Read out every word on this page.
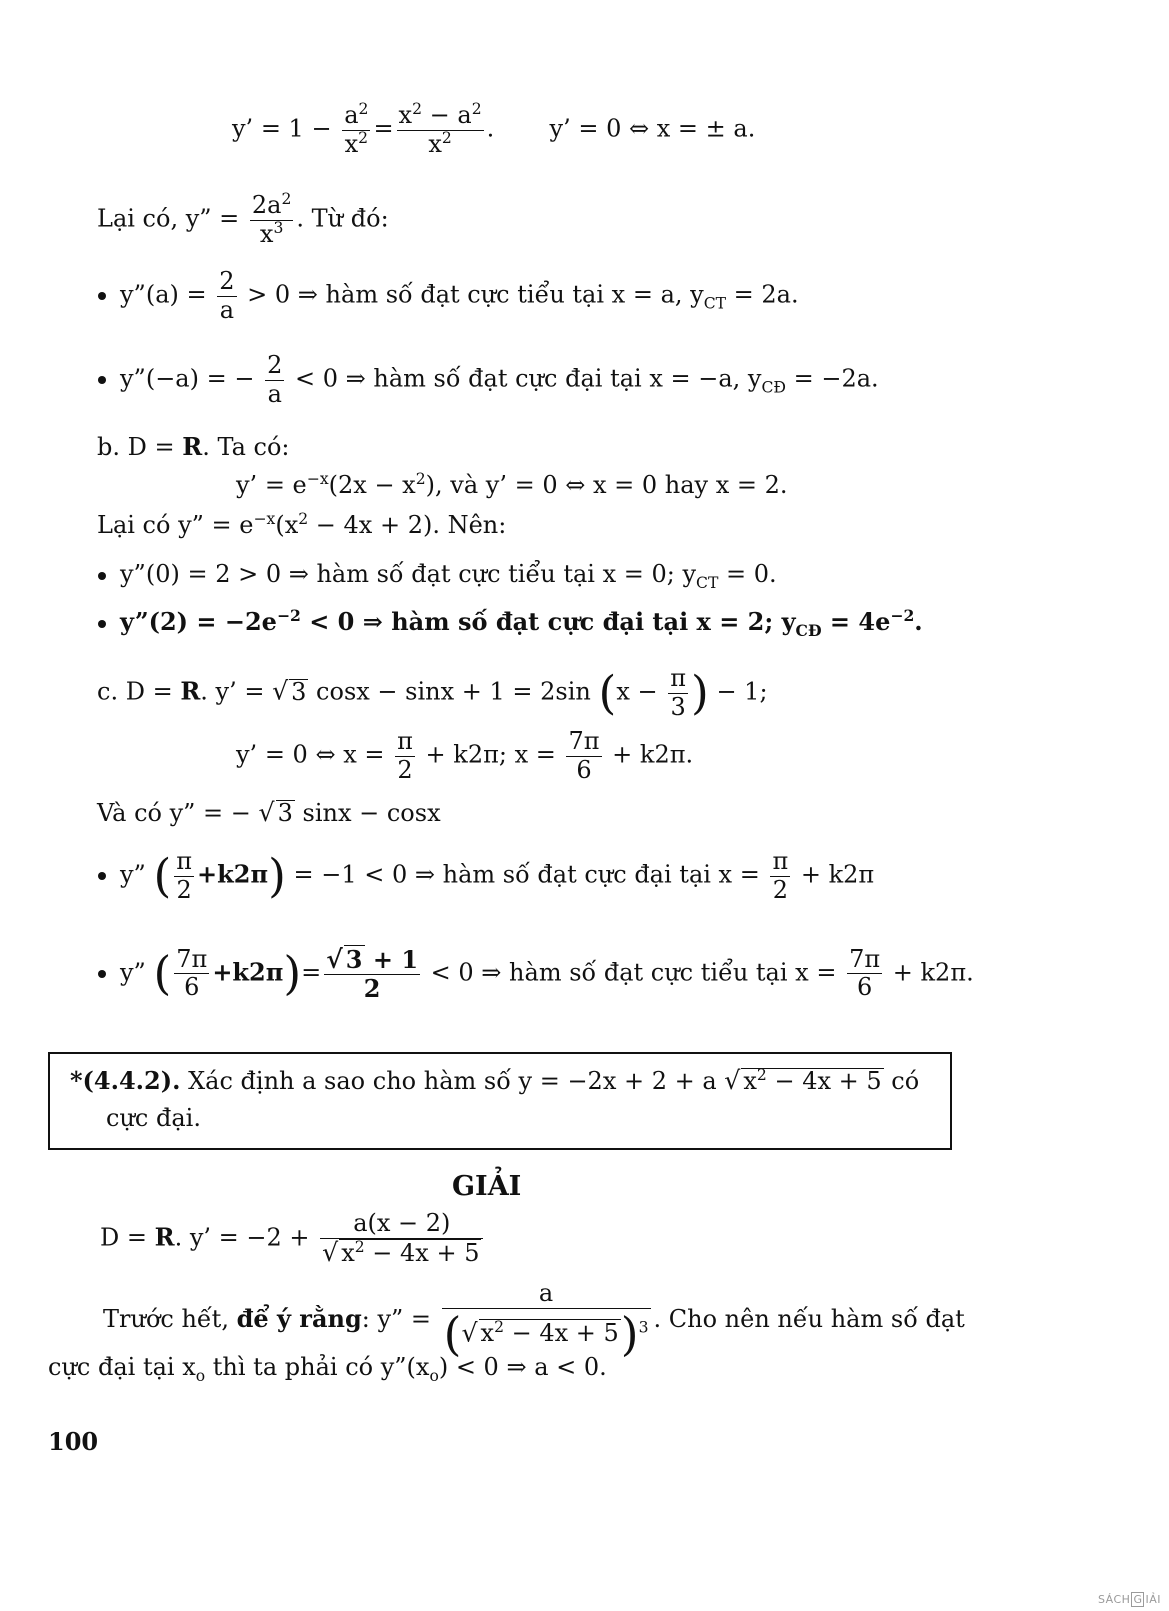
y’ = $1 - \frac{a^2}{x^2} = \frac{x^2 - a^2}{x^2}$ . y’ = 0 ⇔ x = ± a.
Lại có, y” = $\frac{2a^2}{x^3}$ . Từ đó:
y”(a) = $\frac{2}{a} > 0$ ⇒ hàm số đạt cực tiểu tại x = a, $y_{CT} = 2a$.
y”(−a) = − $\frac{2}{a} < 0$ ⇒ hàm số đạt cực đại tại x = −a, $y_{CĐ} = -2a$.
b. D = R. Ta có:
y’ = $e^{-x}(2x - x^2)$, và y’ = 0 ⇔ x = 0 hay x = 2.
Lại có y” = $e^{-x}(x^2 - 4x + 2)$. Nên:
y”(0) = 2 > 0 ⇒ hàm số đạt cực tiểu tại x = 0; $y_{CT} = 0$.
y”(2) = $-2e^{-2} < 0$ ⇒ hàm số đạt cực đại tại x = 2; $y_{CĐ} = 4e^{-2}$.
c. D = R. y’ = √ 3 cosx − sinx + 1 = 2sin ($x - \frac{\pi}{3}$ ) − 1;
y’ = 0 ⇔ $x = \frac{\pi}{2} + k2\pi$; $x = \frac{7\pi}{6} + k2\pi$.
Và có y” = − √ 3 sinx − cosx
y” ( $\frac{\pi}{2} +k2\pi) = -1 < 0$ ⇒ hàm số đạt cực đại tại $x = \frac{\pi}{2} + k2\pi$
y” ( $\frac{7\pi}{6} +k2\pi)= \frac{√ 3 + 1}{2} < 0$ ⇒ hàm số đạt cực tiểu tại $x = \frac{7\pi}{6} + k2\pi$.
*(4.4.2). Xác định a sao cho hàm số y = −2x + 2 + a √ $x^2 - 4x + 5$ có
cực đại.
GIẢI
D = R. y’ = $-2 + \frac{a(x - 2)}{√ x^2 - 4x + 5}$
Trước hết, để ý rằng: y” = $\frac{a}{(√ x^2 - 4x + 5)^3}$ . Cho nên nếu hàm số đạt
cực đại tại $x_o$ thì ta phải có $y”(x_o) < 0$ ⇒ a < 0.
100
SÁCH G IẢI
